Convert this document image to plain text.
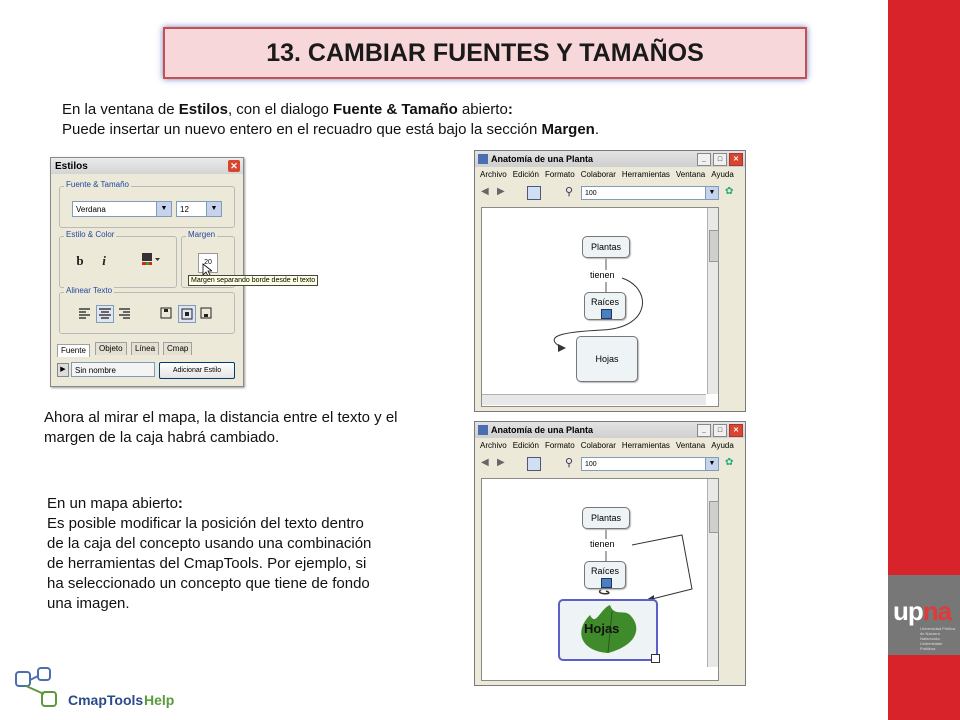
upna
Universidad Pública de Navarra Nafarroako Unibertsitate Publikoa
13. CAMBIAR FUENTES Y TAMAÑOS
En la ventana de Estilos, con el dialogo Fuente & Tamaño abierto:
Puede insertar un nuevo entero en el recuadro que está bajo la sección Margen.
Estilos	✕
Fuente & Tamaño
Verdana	▼	12	▼
Estilo & Color
b	i
Margen
20
Alinear Texto
Fuente	Objeto	Línea	Cmap
▶	Sin nombre	Adicionar Estilo
Margen separando borde desde el texto
Anatomía de una Planta	_	□	✕
Archivo Edición Formato Colaborar Herramientas Ventana Ayuda
◀ ▶	⚲	100	▼ ✿
Plantas
tienen
Raíces
Hojas
Anatomía de una Planta	_	□	✕
Archivo Edición Formato Colaborar Herramientas Ventana Ayuda
◀ ▶	⚲	100	▼ ✿
Plantas
tienen
Raíces
Hojas
Ahora al mirar el mapa, la distancia entre el texto y el
margen de la caja habrá cambiado.
En un mapa abierto:
Es posible modificar la posición del texto dentro
de la caja del concepto usando una combinación
de herramientas del CmapTools. Por ejemplo, si
ha seleccionado un concepto que tiene de fondo
una imagen.
CmapTools Help
